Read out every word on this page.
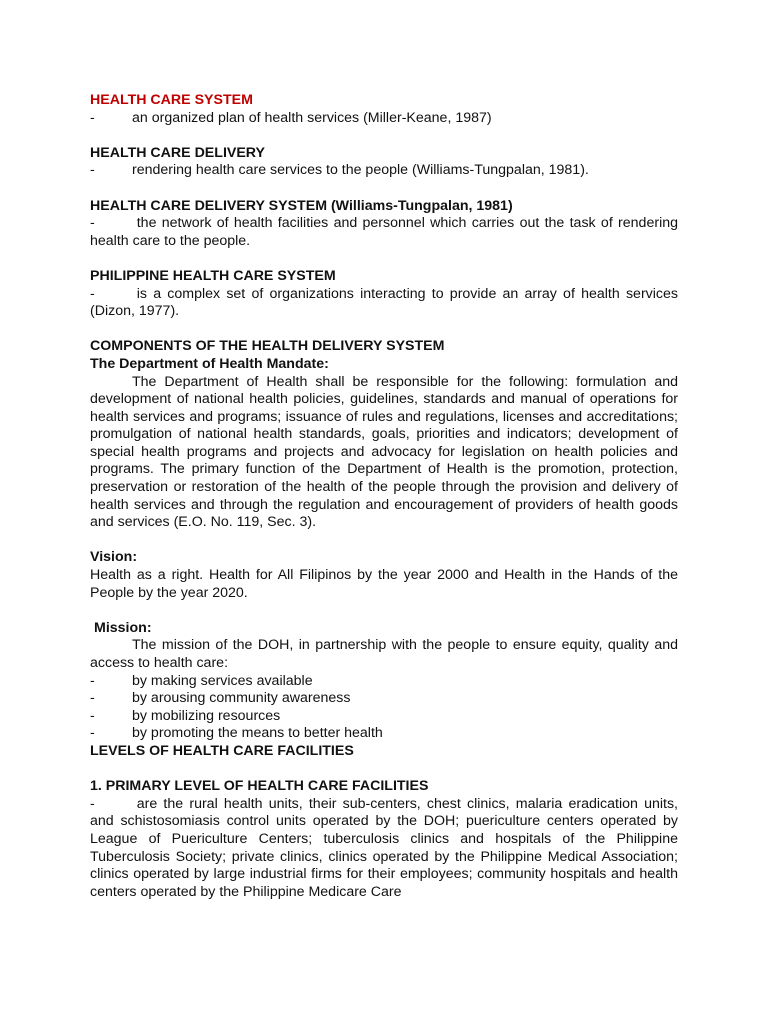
HEALTH CARE SYSTEM

-	an organized plan of health services (Miller-Keane, 1987)

HEALTH CARE DELIVERY

-	rendering health care services to the people (Williams-Tungpalan, 1981).

HEALTH CARE DELIVERY SYSTEM (Williams-Tungpalan, 1981)

-	the network of health facilities and personnel which carries out the task of rendering health care to the people.

PHILIPPINE HEALTH CARE SYSTEM

-	is a complex set of organizations interacting to provide an array of health services (Dizon, 1977).

COMPONENTS OF THE HEALTH DELIVERY SYSTEM

The Department of Health Mandate:

The Department of Health shall be responsible for the following: formulation and development of national health policies, guidelines, standards and manual of operations for health services and programs; issuance of rules and regulations, licenses and accreditations; promulgation of national health standards, goals, priorities and indicators; development of special health programs and projects and advocacy for legislation on health policies and programs. The primary function of the Department of Health is the promotion, protection, preservation or restoration of the health of the people through the provision and delivery of health services and through the regulation and encouragement of providers of health goods and services (E.O. No. 119, Sec. 3).

Vision:

Health as a right. Health for All Filipinos by the year 2000 and Health in the Hands of the People by the year 2020.

Mission:

The mission of the DOH, in partnership with the people to ensure equity, quality and access to health care:

-	by making services available
-	by arousing community awareness
-	by mobilizing resources
-	by promoting the means to better health

LEVELS OF HEALTH CARE FACILITIES

1. PRIMARY LEVEL OF HEALTH CARE FACILITIES

-	are the rural health units, their sub-centers, chest clinics, malaria eradication units, and schistosomiasis control units operated by the DOH; puericulture centers operated by League of Puericulture Centers; tuberculosis clinics and hospitals of the Philippine Tuberculosis Society; private clinics, clinics operated by the Philippine Medical Association; clinics operated by large industrial firms for their employees; community hospitals and health centers operated by the Philippine Medicare Care
